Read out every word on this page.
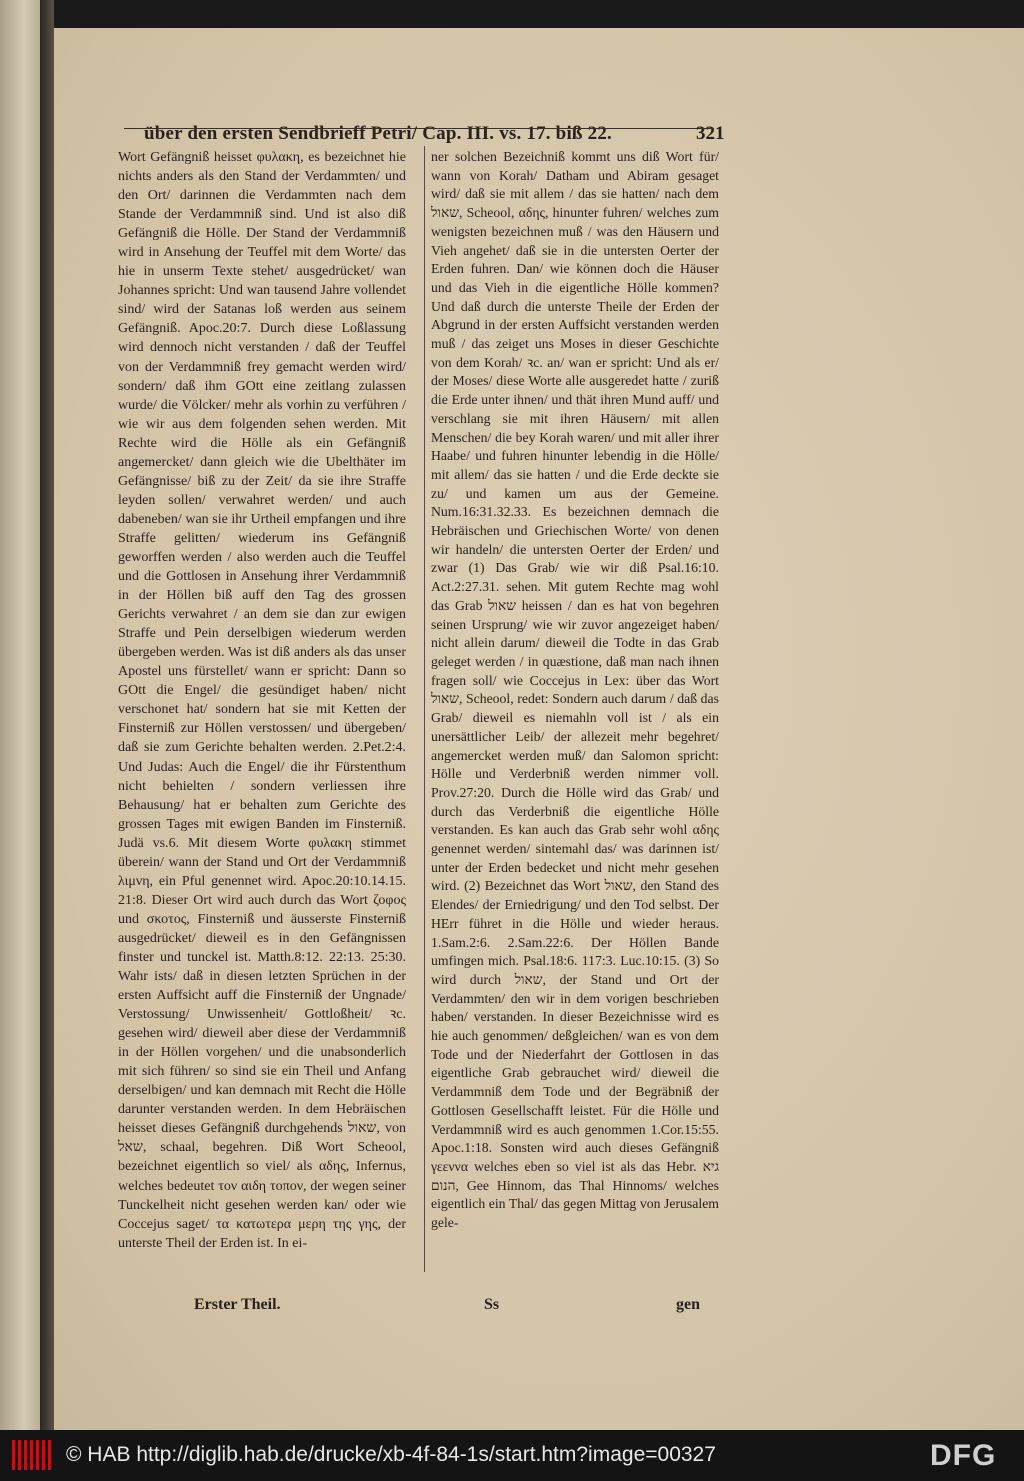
über den ersten Sendbrieff Petri/ Cap. III. vs. 17. biß 22.	321
Erster Theil.	Ss	gen

Wort Gefängniß heisset φυλακη, es bezeichnet hie nichts anders als den Stand der Verdammten/ und den Ort/ darinnen die Verdammten nach dem Stande der Verdammniß sind. Und ist also diß Gefängniß die Hölle. Der Stand der Verdammniß wird in Ansehung der Teuffel mit dem Worte/ das hie in unserm Texte stehet/ ausgedrücket/ wan Johannes spricht: Und wan tausend Jahre vollendet sind/ wird der Satanas loß werden aus seinem Gefängniß. Apoc.20:7. Durch diese Loßlassung wird dennoch nicht verstanden / daß der Teuffel von der Verdammniß frey gemacht werden wird/ sondern/ daß ihm GOtt eine zeitlang zulassen wurde/ die Völcker/ mehr als vorhin zu verführen / wie wir aus dem folgenden sehen werden. Mit Rechte wird die Hölle als ein Gefängniß angemercket/ dann gleich wie die Ubelthäter im Gefängnisse/ biß zu der Zeit/ da sie ihre Straffe leyden sollen/ verwahret werden/ und auch dabeneben/ wan sie ihr Urtheil empfangen und ihre Straffe gelitten/ wiederum ins Gefängniß geworffen werden / also werden auch die Teuffel und die Gottlosen in Ansehung ihrer Verdammniß in der Höllen biß auff den Tag des grossen Gerichts verwahret / an dem sie dan zur ewigen Straffe und Pein derselbigen wiederum werden übergeben werden. Was ist diß anders als das unser Apostel uns fürstellet/ wann er spricht: Dann so GOtt die Engel/ die gesündiget haben/ nicht verschonet hat/ sondern hat sie mit Ketten der Finsterniß zur Höllen verstossen/ und übergeben/ daß sie zum Gerichte behalten werden. 2.Pet.2:4. Und Judas: Auch die Engel/ die ihr Fürstenthum nicht behielten / sondern verliessen ihre Behausung/ hat er behalten zum Gerichte des grossen Tages mit ewigen Banden im Finsterniß. Judä vs.6. Mit diesem Worte φυλακη stimmet überein/ wann der Stand und Ort der Verdammniß λιμνη, ein Pful genennet wird. Apoc.20:10.14.15. 21:8. Dieser Ort wird auch durch das Wort ζοφος und σκοτος, Finsterniß und äusserste Finsterniß ausgedrücket/ dieweil es in den Gefängnissen finster und tunckel ist. Matth.8:12. 22:13. 25:30. Wahr ists/ daß in diesen letzten Sprüchen in der ersten Auffsicht auff die Finsterniß der Ungnade/ Verstossung/ Unwissenheit/ Gottloßheit/ ꝛc. gesehen wird/ dieweil aber diese der Verdammniß in der Höllen vorgehen/ und die unabsonderlich mit sich führen/ so sind sie ein Theil und Anfang derselbigen/ und kan demnach mit Recht die Hölle darunter verstanden werden. In dem Hebräischen heisset dieses Gefängniß durchgehends שאול, von שאל, schaal, begehren. Diß Wort Scheool, bezeichnet eigentlich so viel/ als αδης, Infernus, welches bedeutet τον αιδη τοπον, der wegen seiner Tunckelheit nicht gesehen werden kan/ oder wie Coccejus saget/ τα κατωτερα μερη της γης, der unterste Theil der Erden ist. In ei-

ner solchen Bezeichniß kommt uns diß Wort für/ wann von Korah/ Datham und Abiram gesaget wird/ daß sie mit allem / das sie hatten/ nach dem שאול, Scheool, αδης, hinunter fuhren/ welches zum wenigsten bezeichnen muß / was den Häusern und Vieh angehet/ daß sie in die untersten Oerter der Erden fuhren. Dan/ wie können doch die Häuser und das Vieh in die eigentliche Hölle kommen? Und daß durch die unterste Theile der Erden der Abgrund in der ersten Auffsicht verstanden werden muß / das zeiget uns Moses in dieser Geschichte von dem Korah/ ꝛc. an/ wan er spricht: Und als er/ der Moses/ diese Worte alle ausgeredet hatte / zuriß die Erde unter ihnen/ und thät ihren Mund auff/ und verschlang sie mit ihren Häusern/ mit allen Menschen/ die bey Korah waren/ und mit aller ihrer Haabe/ und fuhren hinunter lebendig in die Hölle/ mit allem/ das sie hatten / und die Erde deckte sie zu/ und kamen um aus der Gemeine. Num.16:31.32.33. Es bezeichnen demnach die Hebräischen und Griechischen Worte/ von denen wir handeln/ die untersten Oerter der Erden/ und zwar (1) Das Grab/ wie wir diß Psal.16:10. Act.2:27.31. sehen. Mit gutem Rechte mag wohl das Grab שאול heissen / dan es hat von begehren seinen Ursprung/ wie wir zuvor angezeiget haben/ nicht allein darum/ dieweil die Todte in das Grab geleget werden / in quæstione, daß man nach ihnen fragen soll/ wie Coccejus in Lex: über das Wort שאול, Scheool, redet: Sondern auch darum / daß das Grab/ dieweil es niemahln voll ist / als ein unersättlicher Leib/ der allezeit mehr begehret/ angemercket werden muß/ dan Salomon spricht: Hölle und Verderbniß werden nimmer voll. Prov.27:20. Durch die Hölle wird das Grab/ und durch das Verderbniß die eigentliche Hölle verstanden. Es kan auch das Grab sehr wohl αδης genennet werden/ sintemahl das/ was darinnen ist/ unter der Erden bedecket und nicht mehr gesehen wird. (2) Bezeichnet das Wort שאול, den Stand des Elendes/ der Erniedrigung/ und den Tod selbst. Der HErr führet in die Hölle und wieder heraus. 1.Sam.2:6. 2.Sam.22:6. Der Höllen Bande umfingen mich. Psal.18:6. 117:3. Luc.10:15. (3) So wird durch שאול, der Stand und Ort der Verdammten/ den wir in dem vorigen beschrieben haben/ verstanden. In dieser Bezeichnisse wird es hie auch genommen/ deßgleichen/ wan es von dem Tode und der Niederfahrt der Gottlosen in das eigentliche Grab gebrauchet wird/ dieweil die Verdammniß dem Tode und der Begräbniß der Gottlosen Gesellschafft leistet. Für die Hölle und Verdammniß wird es auch genommen 1.Cor.15:55. Apoc.1:18. Sonsten wird auch dieses Gefängniß γεεννα welches eben so viel ist als das Hebr. גיא הנום, Gee Hinnom, das Thal Hinnoms/ welches eigentlich ein Thal/ das gegen Mittag von Jerusalem gele-

© HAB http://diglib.hab.de/drucke/xb-4f-84-1s/start.htm?image=00327	DFG
